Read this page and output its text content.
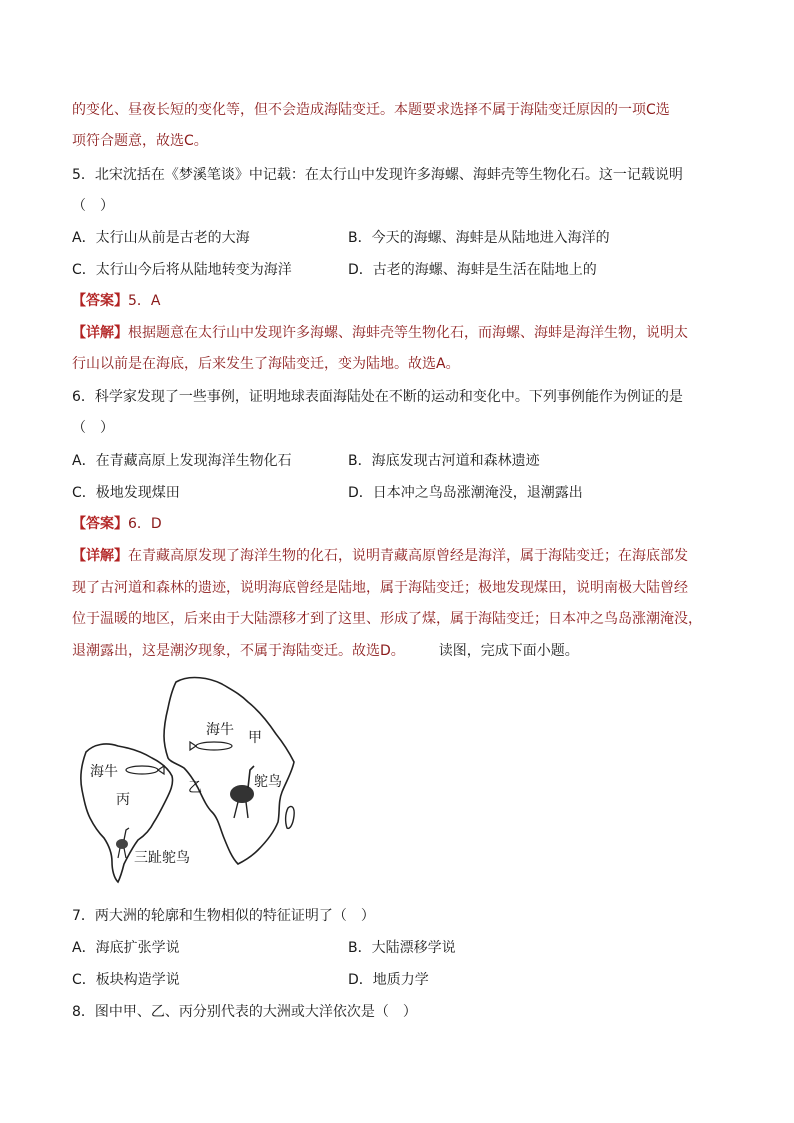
的变化、昼夜长短的变化等，但不会造成海陆变迁。本题要求选择不属于海陆变迁原因的一项C选
项符合题意，故选C。
5．北宋沈括在《梦溪笔谈》中记载：在太行山中发现许多海螺、海蚌壳等生物化石。这一记载说明
（　）
A．太行山从前是古老的大海	B．今天的海螺、海蚌是从陆地进入海洋的
C．太行山今后将从陆地转变为海洋	D．古老的海螺、海蚌是生活在陆地上的
【答案】5．A
【详解】根据题意在太行山中发现许多海螺、海蚌壳等生物化石，而海螺、海蚌是海洋生物，说明太
行山以前是在海底，后来发生了海陆变迁，变为陆地。故选A。
6．科学家发现了一些事例，证明地球表面海陆处在不断的运动和变化中。下列事例能作为例证的是
（　）
A．在青藏高原上发现海洋生物化石	B．海底发现古河道和森林遗迹
C．极地发现煤田	D．日本冲之鸟岛涨潮淹没，退潮露出
【答案】6．D
【详解】在青藏高原发现了海洋生物的化石，说明青藏高原曾经是海洋，属于海陆变迁；在海底部发
现了古河道和森林的遗迹，说明海底曾经是陆地，属于海陆变迁；极地发现煤田，说明南极大陆曾经
位于温暖的地区，后来由于大陆漂移才到了这里、形成了煤，属于海陆变迁；日本冲之鸟岛涨潮淹没，
退潮露出，这是潮汐现象，不属于海陆变迁。故选D。 读图，完成下面小题。
海牛 甲
海牛
乙	鸵鸟
丙
三趾鸵鸟
7．两大洲的轮廓和生物相似的特征证明了（　）
A．海底扩张学说	B．大陆漂移学说
C．板块构造学说	D．地质力学
8．图中甲、乙、丙分别代表的大洲或大洋依次是（　）
